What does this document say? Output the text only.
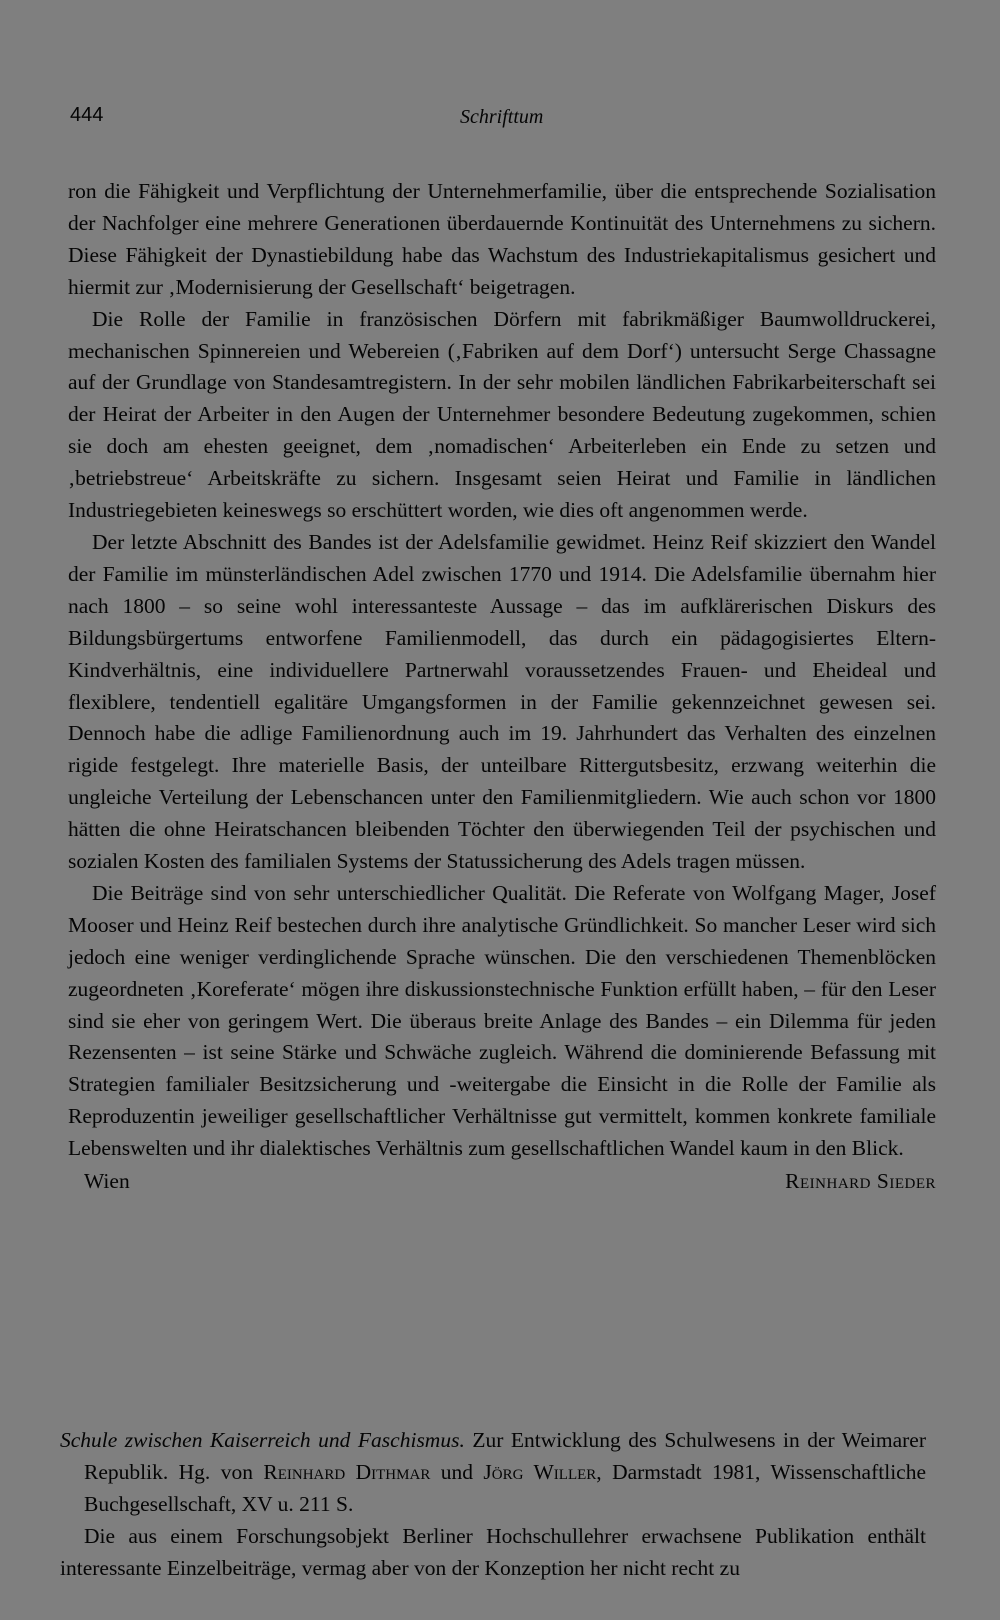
444	Schrifttum

ron die Fähigkeit und Verpflichtung der Unternehmerfamilie, über die entsprechende Sozialisation der Nachfolger eine mehrere Generationen überdauernde Kontinuität des Unternehmens zu sichern. Diese Fähigkeit der Dynastiebildung habe das Wachstum des Industriekapitalismus gesichert und hiermit zur ‚Modernisierung der Gesellschaft‘ beigetragen.

Die Rolle der Familie in französischen Dörfern mit fabrikmäßiger Baumwolldruckerei, mechanischen Spinnereien und Webereien (‚Fabriken auf dem Dorf‘) untersucht Serge Chassagne auf der Grundlage von Standesamtregistern. In der sehr mobilen ländlichen Fabrikarbeiterschaft sei der Heirat der Arbeiter in den Augen der Unternehmer besondere Bedeutung zugekommen, schien sie doch am ehesten geeignet, dem ‚nomadischen‘ Arbeiterleben ein Ende zu setzen und ‚betriebstreue‘ Arbeitskräfte zu sichern. Insgesamt seien Heirat und Familie in ländlichen Industriegebieten keineswegs so erschüttert worden, wie dies oft angenommen werde.

Der letzte Abschnitt des Bandes ist der Adelsfamilie gewidmet. Heinz Reif skizziert den Wandel der Familie im münsterländischen Adel zwischen 1770 und 1914. Die Adelsfamilie übernahm hier nach 1800 – so seine wohl interessanteste Aussage – das im aufklärerischen Diskurs des Bildungsbürgertums entworfene Familienmodell, das durch ein pädagogisiertes Eltern-Kindverhältnis, eine individuellere Partnerwahl voraussetzendes Frauen- und Eheideal und flexiblere, tendentiell egalitäre Umgangsformen in der Familie gekennzeichnet gewesen sei. Dennoch habe die adlige Familienordnung auch im 19. Jahrhundert das Verhalten des einzelnen rigide festgelegt. Ihre materielle Basis, der unteilbare Rittergutsbesitz, erzwang weiterhin die ungleiche Verteilung der Lebenschancen unter den Familienmitgliedern. Wie auch schon vor 1800 hätten die ohne Heiratschancen bleibenden Töchter den überwiegenden Teil der psychischen und sozialen Kosten des familialen Systems der Statussicherung des Adels tragen müssen.

Die Beiträge sind von sehr unterschiedlicher Qualität. Die Referate von Wolfgang Mager, Josef Mooser und Heinz Reif bestechen durch ihre analytische Gründlichkeit. So mancher Leser wird sich jedoch eine weniger verdinglichende Sprache wünschen. Die den verschiedenen Themenblöcken zugeordneten ‚Koreferate‘ mögen ihre diskussionstechnische Funktion erfüllt haben, – für den Leser sind sie eher von geringem Wert. Die überaus breite Anlage des Bandes – ein Dilemma für jeden Rezensenten – ist seine Stärke und Schwäche zugleich. Während die dominierende Befassung mit Strategien familialer Besitzsicherung und -weitergabe die Einsicht in die Rolle der Familie als Reproduzentin jeweiliger gesellschaftlicher Verhältnisse gut vermittelt, kommen konkrete familiale Lebenswelten und ihr dialektisches Verhältnis zum gesellschaftlichen Wandel kaum in den Blick.

Wien	Reinhard Sieder

Schule zwischen Kaiserreich und Faschismus. Zur Entwicklung des Schulwesens in der Weimarer Republik. Hg. von Reinhard Dithmar und Jörg Willer, Darmstadt 1981, Wissenschaftliche Buchgesellschaft, XV u. 211 S.

Die aus einem Forschungsobjekt Berliner Hochschullehrer erwachsene Publikation enthält interessante Einzelbeiträge, vermag aber von der Konzeption her nicht recht zu
